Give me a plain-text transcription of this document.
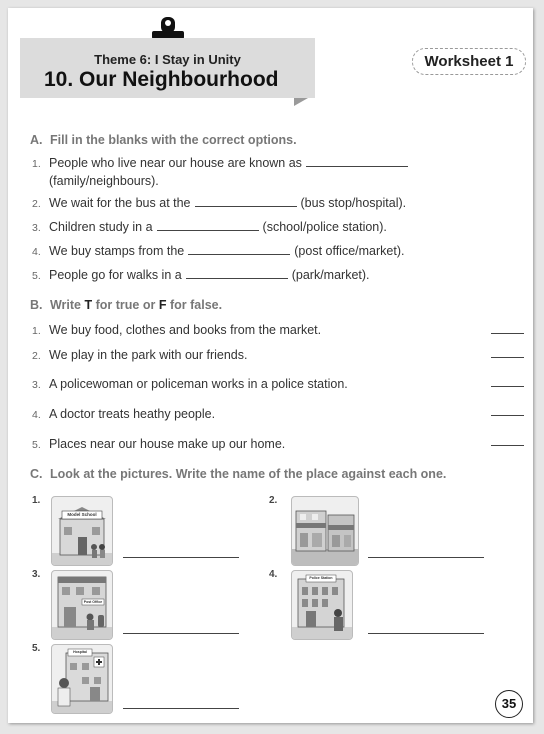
Theme 6: I Stay in Unity
10. Our Neighbourhood
Worksheet 1
A. Fill in the blanks with the correct options.
1. People who live near our house are known as
(family/neighbours).
2. We wait for the bus at the	(bus stop/hospital).
3. Children study in a	(school/police station).
4. We buy stamps from the	(post office/market).
5. People go for walks in a	(park/market).
B. Write T for true or F for false.
1. We buy food, clothes and books from the market.
2. We play in the park with our friends.
3. A policewoman or policeman works in a police station.
4. A doctor treats heathy people.
5. Places near our house make up our home.
C. Look at the pictures. Write the name of the place against each one.
1.
Model School
2.
3.
Post Office
4.	Police Station
5.	Hospital
35
